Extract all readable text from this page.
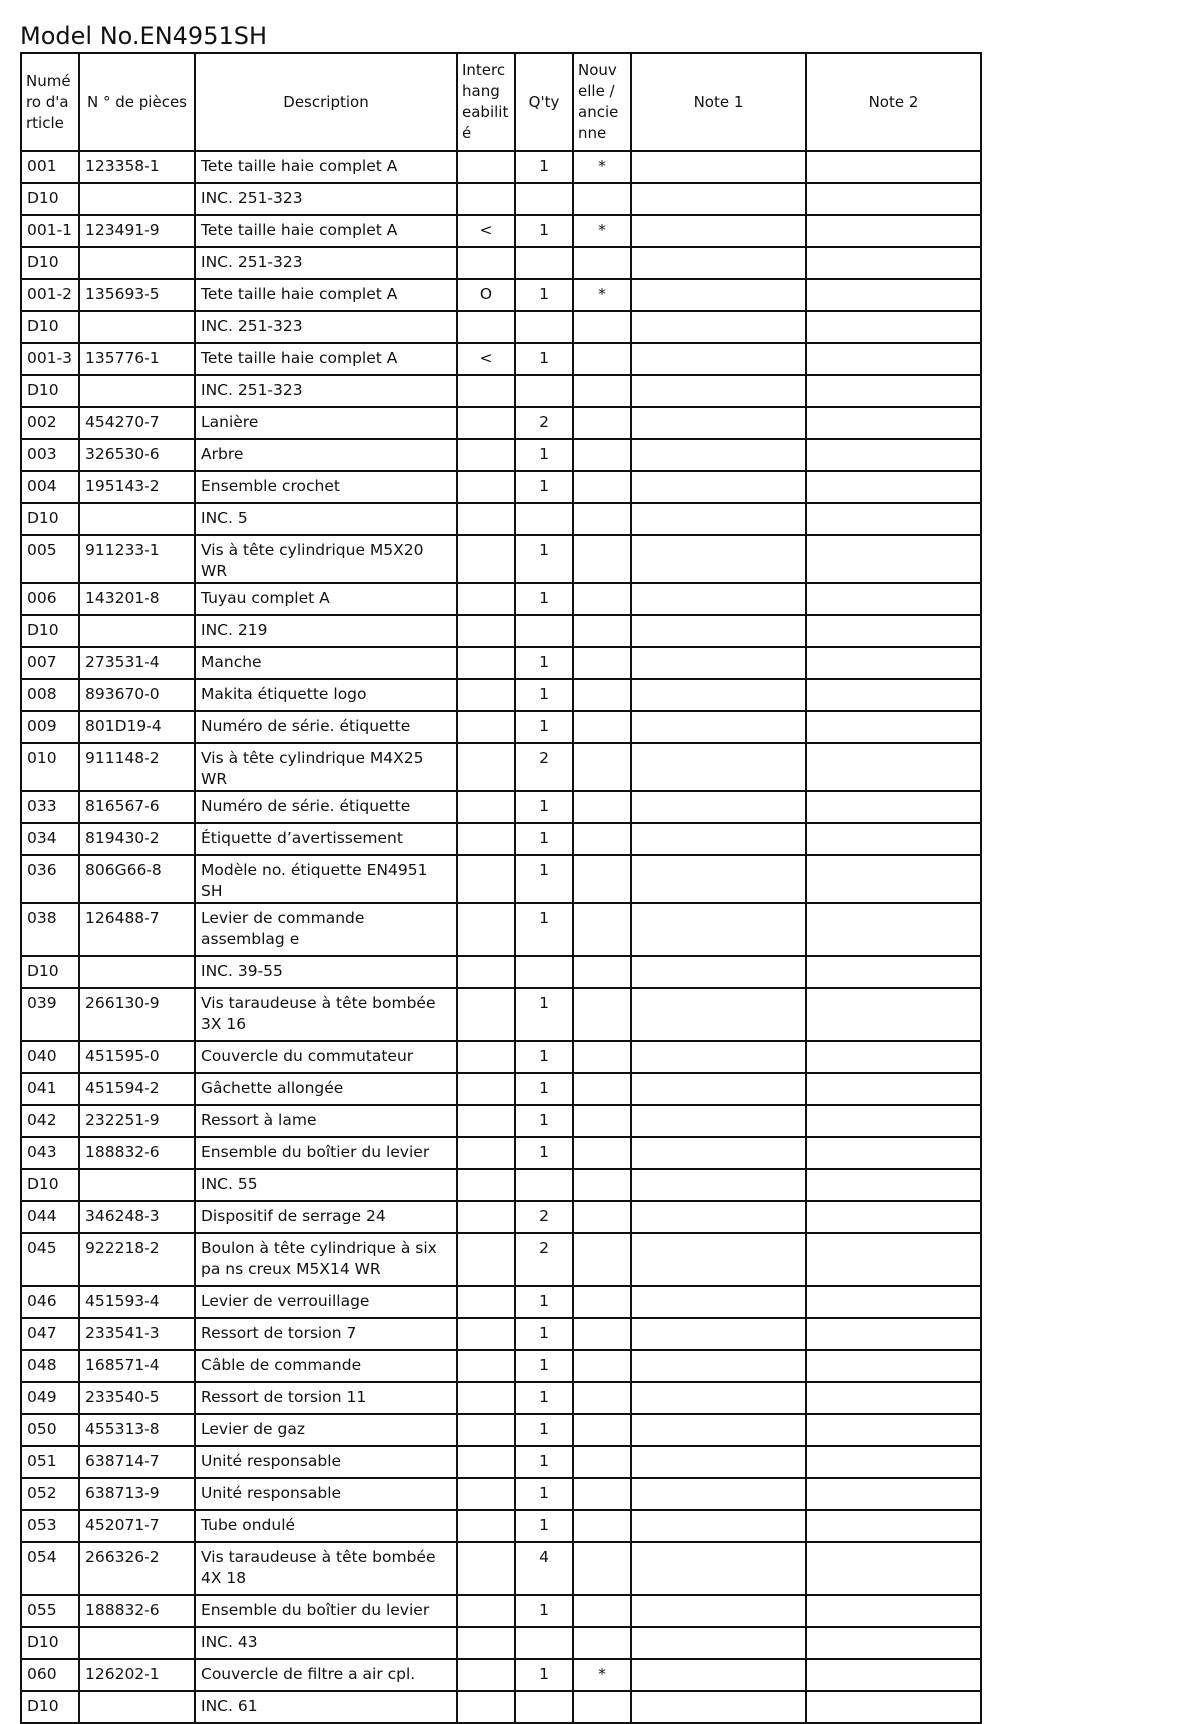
Model No.EN4951SH
Numé ro d'a rticle	N ° de pièces	Description	Interc hang eabilit é	Q'ty	Nouv elle / ancie nne	Note 1	Note 2
001	123358-1	Tete taille haie complet A		1	*		
D10		INC. 251-323					
001-1	123491-9	Tete taille haie complet A	<	1	*		
D10		INC. 251-323					
001-2	135693-5	Tete taille haie complet A	O	1	*		
D10		INC. 251-323					
001-3	135776-1	Tete taille haie complet A	<	1			
D10		INC. 251-323					
002	454270-7	Lanière		2			
003	326530-6	Arbre		1			
004	195143-2	Ensemble crochet		1			
D10		INC. 5					
005	911233-1	Vis à tête cylindrique M5X20 WR		1			
006	143201-8	Tuyau complet A		1			
D10		INC. 219					
007	273531-4	Manche		1			
008	893670-0	Makita étiquette logo		1			
009	801D19-4	Numéro de série. étiquette		1			
010	911148-2	Vis à tête cylindrique M4X25 WR		2			
033	816567-6	Numéro de série. étiquette		1			
034	819430-2	Étiquette d’avertissement		1			
036	806G66-8	Modèle no. étiquette EN4951 SH		1			
038	126488-7	Levier de commande assemblag e		1			
D10		INC. 39-55					
039	266130-9	Vis taraudeuse à tête bombée 3X 16		1			
040	451595-0	Couvercle du commutateur		1			
041	451594-2	Gâchette allongée		1			
042	232251-9	Ressort à lame		1			
043	188832-6	Ensemble du boîtier du levier		1			
D10		INC. 55					
044	346248-3	Dispositif de serrage 24		2			
045	922218-2	Boulon à tête cylindrique à six pa ns creux M5X14 WR		2			
046	451593-4	Levier de verrouillage		1			
047	233541-3	Ressort de torsion 7		1			
048	168571-4	Câble de commande		1			
049	233540-5	Ressort de torsion 11		1			
050	455313-8	Levier de gaz		1			
051	638714-7	Unité responsable		1			
052	638713-9	Unité responsable		1			
053	452071-7	Tube ondulé		1			
054	266326-2	Vis taraudeuse à tête bombée 4X 18		4			
055	188832-6	Ensemble du boîtier du levier		1			
D10		INC. 43					
060	126202-1	Couvercle de filtre a air cpl.		1	*		
D10		INC. 61					
